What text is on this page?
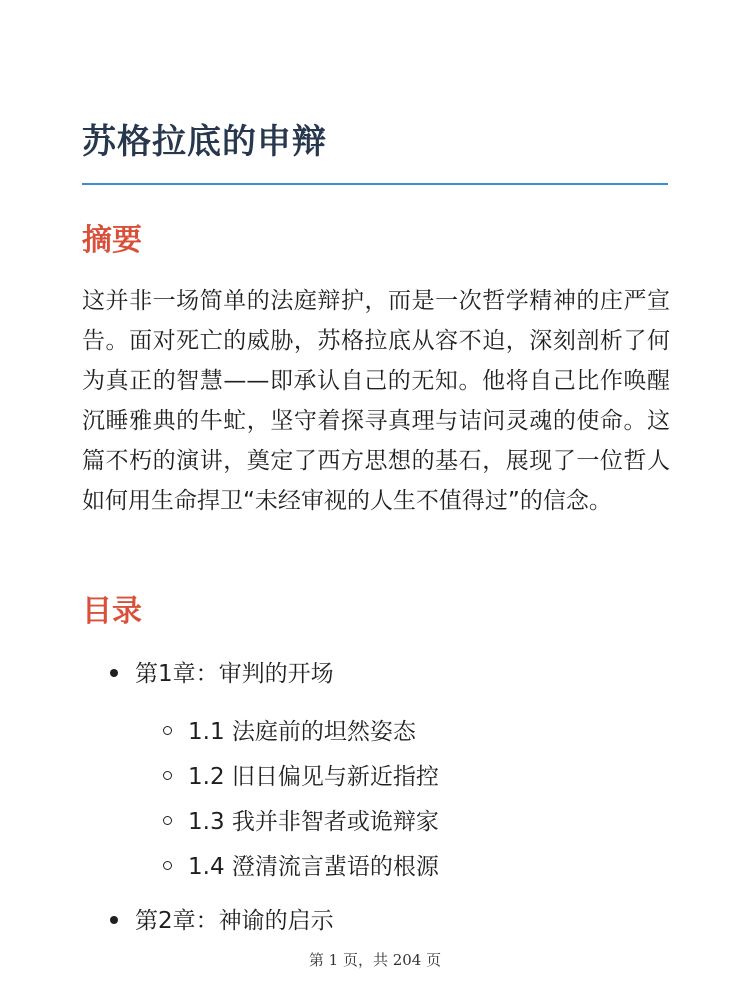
苏格拉底的申辩
摘要

这并非一场简单的法庭辩护，而是一次哲学精神的庄严宣告。面对死亡的威胁，苏格拉底从容不迫，深刻剖析了何为真正的智慧——即承认自己的无知。他将自己比作唤醒沉睡雅典的牛虻，坚守着探寻真理与诘问灵魂的使命。这篇不朽的演讲，奠定了西方思想的基石，展现了一位哲人如何用生命捍卫“未经审视的人生不值得过”的信念。

目录
第1章：审判的开场
1.1 法庭前的坦然姿态
1.2 旧日偏见与新近指控
1.3 我并非智者或诡辩家
1.4 澄清流言蜚语的根源
第2章：神谕的启示
第 1 页，共 204 页
